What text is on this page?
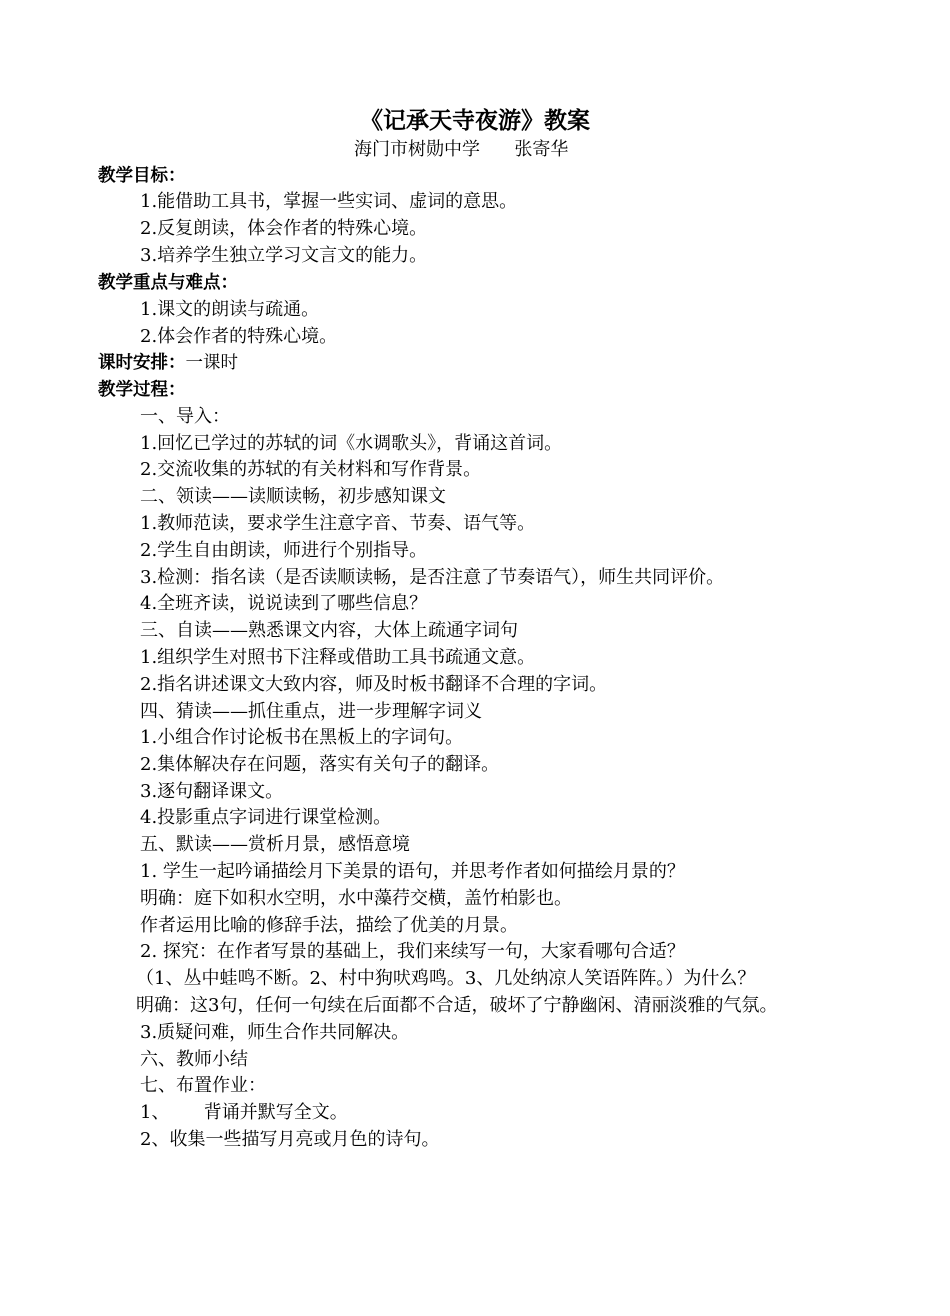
《记承天寺夜游》教案
海门市树勋中学      张寄华
教学目标：
1.能借助工具书，掌握一些实词、虚词的意思。
2.反复朗读，体会作者的特殊心境。
3.培养学生独立学习文言文的能力。
教学重点与难点：
1.课文的朗读与疏通。
2.体会作者的特殊心境。
课时安排：一课时
教学过程：
一、导入：
1.回忆已学过的苏轼的词《水调歌头》，背诵这首词。
2.交流收集的苏轼的有关材料和写作背景。
二、领读——读顺读畅，初步感知课文
1.教师范读，要求学生注意字音、节奏、语气等。
2.学生自由朗读，师进行个别指导。
3.检测：指名读（是否读顺读畅，是否注意了节奏语气），师生共同评价。
4.全班齐读，说说读到了哪些信息？
三、自读——熟悉课文内容，大体上疏通字词句
1.组织学生对照书下注释或借助工具书疏通文意。
2.指名讲述课文大致内容，师及时板书翻译不合理的字词。
四、猜读——抓住重点，进一步理解字词义
1.小组合作讨论板书在黑板上的字词句。
2.集体解决存在问题，落实有关句子的翻译。
3.逐句翻译课文。
4.投影重点字词进行课堂检测。
五、默读——赏析月景，感悟意境
1. 学生一起吟诵描绘月下美景的语句，并思考作者如何描绘月景的？
明确：庭下如积水空明，水中藻荇交横，盖竹柏影也。
作者运用比喻的修辞手法，描绘了优美的月景。
2. 探究：在作者写景的基础上，我们来续写一句，大家看哪句合适？
（1、丛中蛙鸣不断。2、村中狗吠鸡鸣。3、几处纳凉人笑语阵阵。）为什么？
明确：这3句，任何一句续在后面都不合适，破坏了宁静幽闲、清丽淡雅的气氛。
3.质疑问难，师生合作共同解决。
六、教师小结
七、布置作业：
1、      背诵并默写全文。
2、收集一些描写月亮或月色的诗句。
